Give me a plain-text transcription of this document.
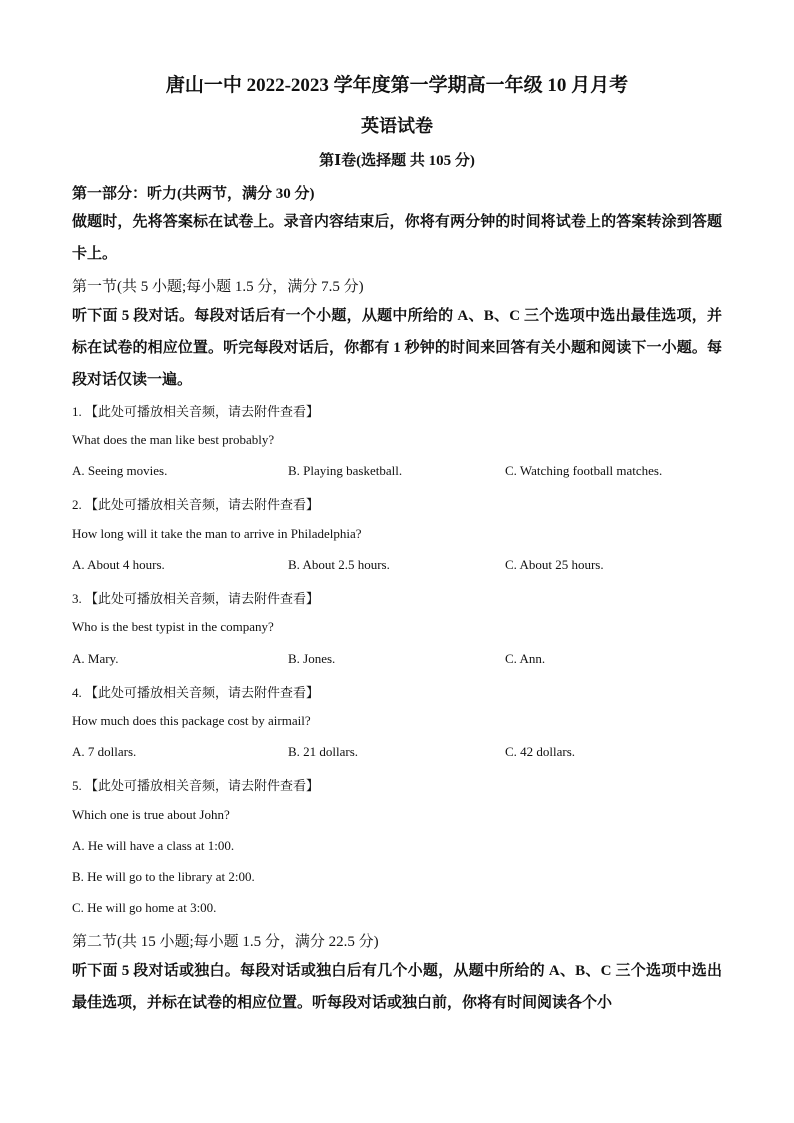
唐山一中 2022-2023 学年度第一学期高一年级 10 月月考
英语试卷
第Ⅰ卷(选择题 共 105 分)
第一部分：听力(共两节，满分 30 分)
做题时，先将答案标在试卷上。录音内容结束后，你将有两分钟的时间将试卷上的答案转涂到答题卡上。
第一节(共 5 小题;每小题 1.5 分，满分 7.5 分)
听下面 5 段对话。每段对话后有一个小题，从题中所给的 A、B、C 三个选项中选出最佳选项，并标在试卷的相应位置。听完每段对话后，你都有 1 秒钟的时间来回答有关小题和阅读下一小题。每段对话仅读一遍。
1. 【此处可播放相关音频，请去附件查看】
What does the man like best probably?
A. Seeing movies.	B. Playing basketball.	C. Watching football matches.
2. 【此处可播放相关音频，请去附件查看】
How long will it take the man to arrive in Philadelphia?
A. About 4 hours.	B. About 2.5 hours.	C. About 25 hours.
3. 【此处可播放相关音频，请去附件查看】
Who is the best typist in the company?
A. Mary.	B. Jones.	C. Ann.
4. 【此处可播放相关音频，请去附件查看】
How much does this package cost by airmail?
A. 7 dollars.	B. 21 dollars.	C. 42 dollars.
5. 【此处可播放相关音频，请去附件查看】
Which one is true about John?
A. He will have a class at 1:00.
B. He will go to the library at 2:00.
C. He will go home at 3:00.
第二节(共 15 小题;每小题 1.5 分，满分 22.5 分)
听下面 5 段对话或独白。每段对话或独白后有几个小题，从题中所给的 A、B、C 三个选项中选出最佳选项，并标在试卷的相应位置。听每段对话或独白前，你将有时间阅读各个小
